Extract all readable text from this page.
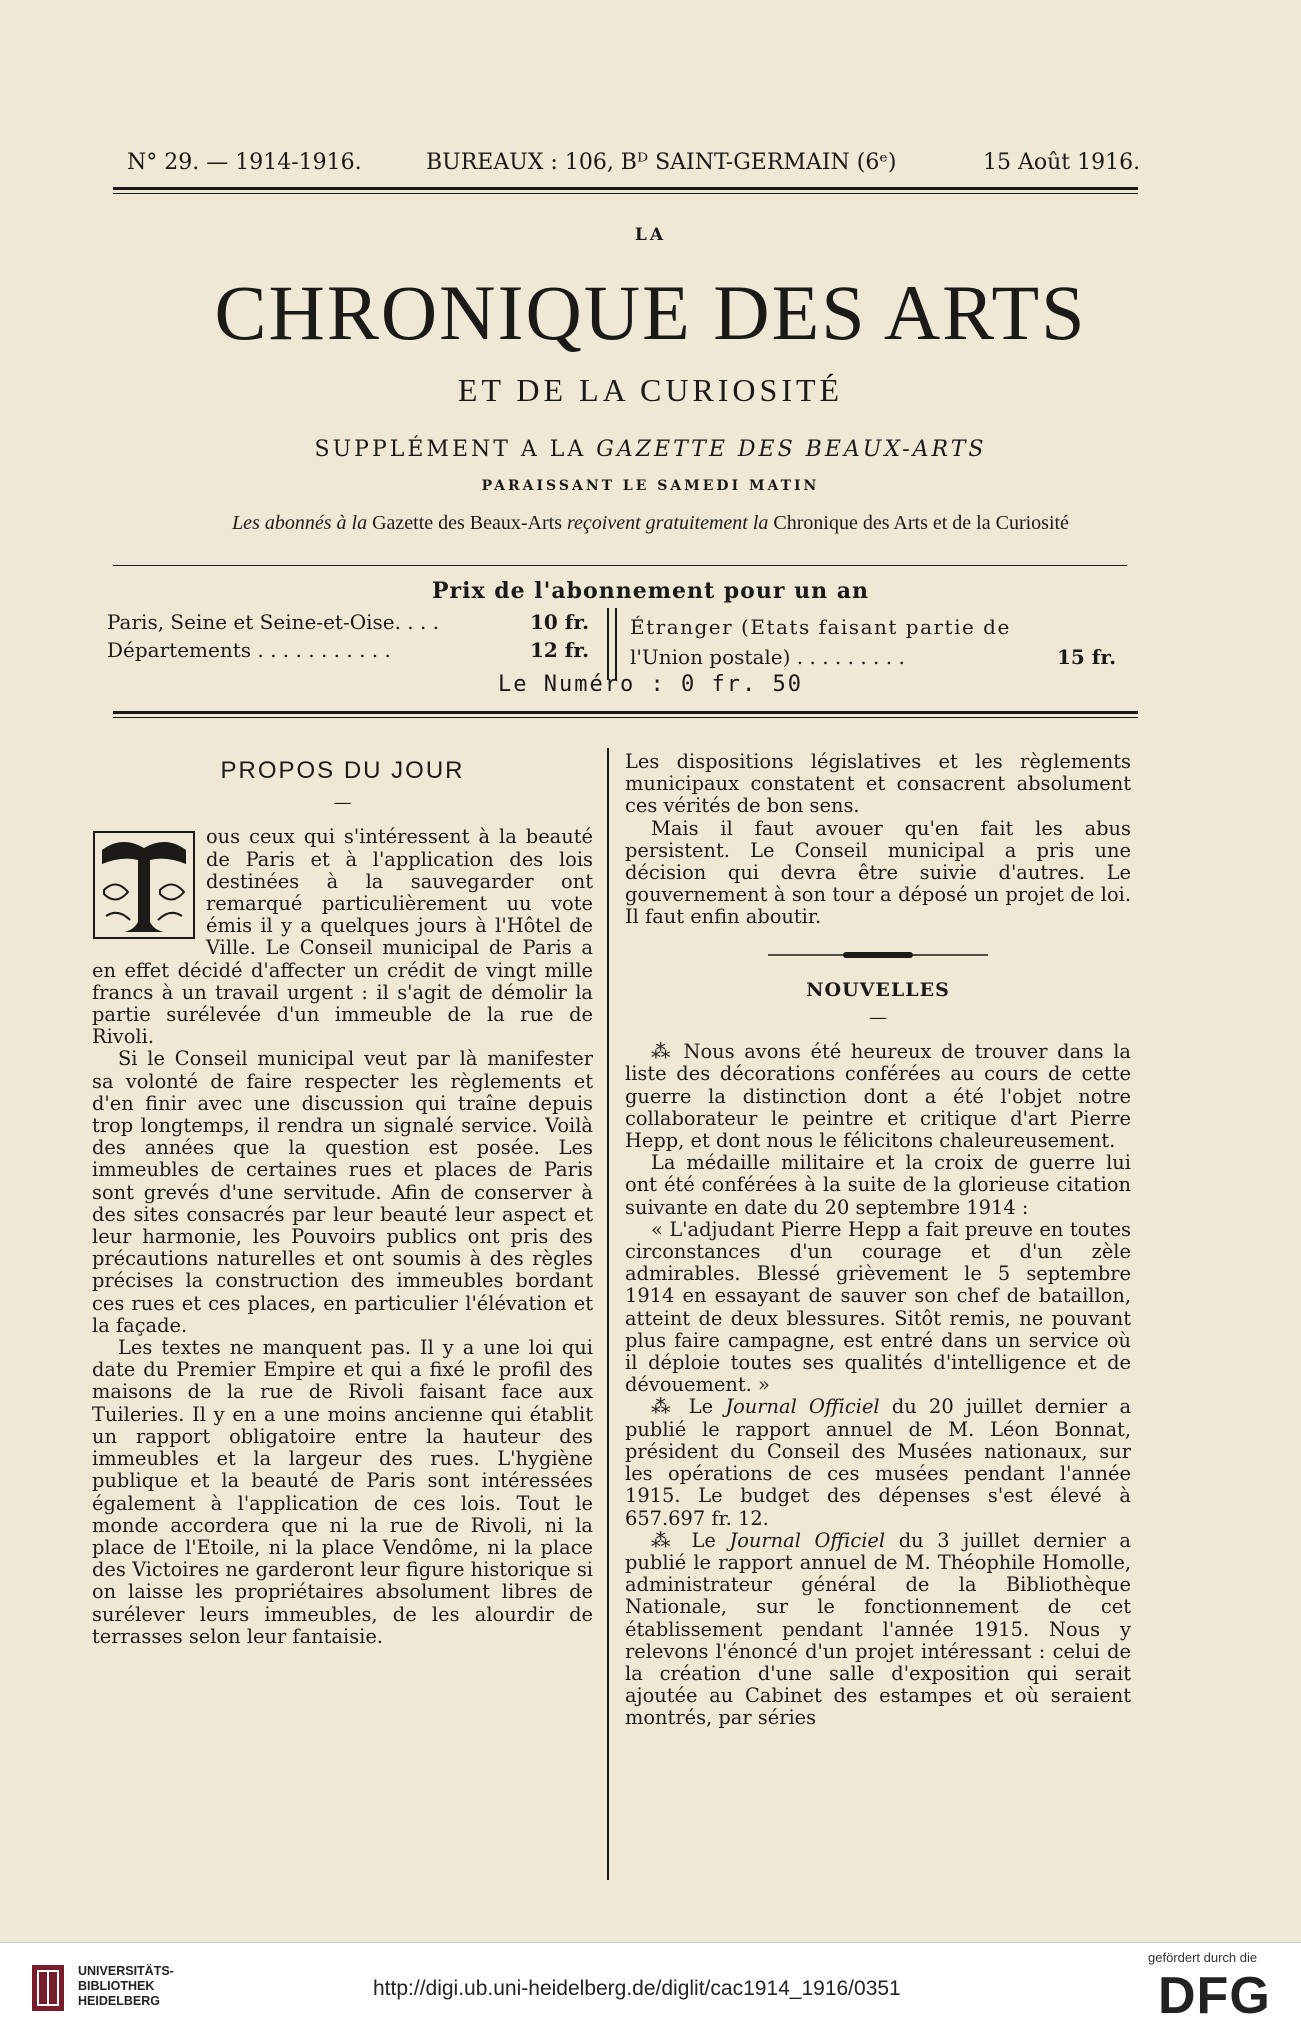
N° 29. — 1914-1916.	BUREAUX : 106, Bᴰ SAINT-GERMAIN (6ᵉ)	15 Août 1916.
LA
CHRONIQUE DES ARTS
ET DE LA CURIOSITÉ
SUPPLÉMENT A LA GAZETTE DES BEAUX-ARTS
PARAISSANT LE SAMEDI MATIN
Les abonnés à la Gazette des Beaux-Arts reçoivent gratuitement la Chronique des Arts et de la Curiosité
Prix de l'abonnement pour un an
Paris, Seine et Seine-et-Oise. . . .	10 fr.
Départements . . . . . . . . . . .	12 fr.
Étranger (Etats faisant partie de
l'Union postale) . . . . . . . . .	15 fr.
Le Numéro : 0 fr. 50
PROPOS DU JOUR
—

ous ceux qui s'intéressent à la beauté de Paris et à l'application des lois destinées à la sauvegarder ont remarqué particulièrement uu vote émis il y a quelques jours à l'Hôtel de Ville. Le Conseil municipal de Paris a en effet décidé d'affecter un crédit de vingt mille francs à un travail urgent : il s'agit de démolir la partie surélevée d'un immeuble de la rue de Rivoli.

Si le Conseil municipal veut par là manifester sa volonté de faire respecter les règlements et d'en finir avec une discussion qui traîne depuis trop longtemps, il rendra un signalé service. Voilà des années que la question est posée. Les immeubles de certaines rues et places de Paris sont grevés d'une servitude. Afin de conserver à des sites consacrés par leur beauté leur aspect et leur harmonie, les Pouvoirs publics ont pris des précautions naturelles et ont soumis à des règles précises la construction des immeubles bordant ces rues et ces places, en particulier l'élévation et la façade.

Les textes ne manquent pas. Il y a une loi qui date du Premier Empire et qui a fixé le profil des maisons de la rue de Rivoli faisant face aux Tuileries. Il y en a une moins ancienne qui établit un rapport obligatoire entre la hauteur des immeubles et la largeur des rues. L'hygiène publique et la beauté de Paris sont intéressées également à l'application de ces lois. Tout le monde accordera que ni la rue de Rivoli, ni la place de l'Etoile, ni la place Vendôme, ni la place des Victoires ne garderont leur figure historique si on laisse les propriétaires absolument libres de surélever leurs immeubles, de les alourdir de terrasses selon leur fantaisie.

Les dispositions législatives et les règlements municipaux constatent et consacrent absolument ces vérités de bon sens.

Mais il faut avouer qu'en fait les abus persistent. Le Conseil municipal a pris une décision qui devra être suivie d'autres. Le gouvernement à son tour a déposé un projet de loi. Il faut enfin aboutir.

NOUVELLES
—

⁂ Nous avons été heureux de trouver dans la liste des décorations conférées au cours de cette guerre la distinction dont a été l'objet notre collaborateur le peintre et critique d'art Pierre Hepp, et dont nous le félicitons chaleureusement.

La médaille militaire et la croix de guerre lui ont été conférées à la suite de la glorieuse citation suivante en date du 20 septembre 1914 :

« L'adjudant Pierre Hepp a fait preuve en toutes circonstances d'un courage et d'un zèle admirables. Blessé grièvement le 5 septembre 1914 en essayant de sauver son chef de bataillon, atteint de deux blessures. Sitôt remis, ne pouvant plus faire campagne, est entré dans un service où il déploie toutes ses qualités d'intelligence et de dévouement. »

⁂ Le Journal Officiel du 20 juillet dernier a publié le rapport annuel de M. Léon Bonnat, président du Conseil des Musées nationaux, sur les opérations de ces musées pendant l'année 1915. Le budget des dépenses s'est élevé à 657.697 fr. 12.

⁂ Le Journal Officiel du 3 juillet dernier a publié le rapport annuel de M. Théophile Homolle, administrateur général de la Bibliothèque Nationale, sur le fonctionnement de cet établissement pendant l'année 1915. Nous y relevons l'énoncé d'un projet intéressant : celui de la création d'une salle d'exposition qui serait ajoutée au Cabinet des estampes et où seraient montrés, par séries

UNIVERSITÄTS-
BIBLIOTHEK
HEIDELBERG
http://digi.ub.uni-heidelberg.de/diglit/cac1914_1916/0351
gefördert durch die
DFG
